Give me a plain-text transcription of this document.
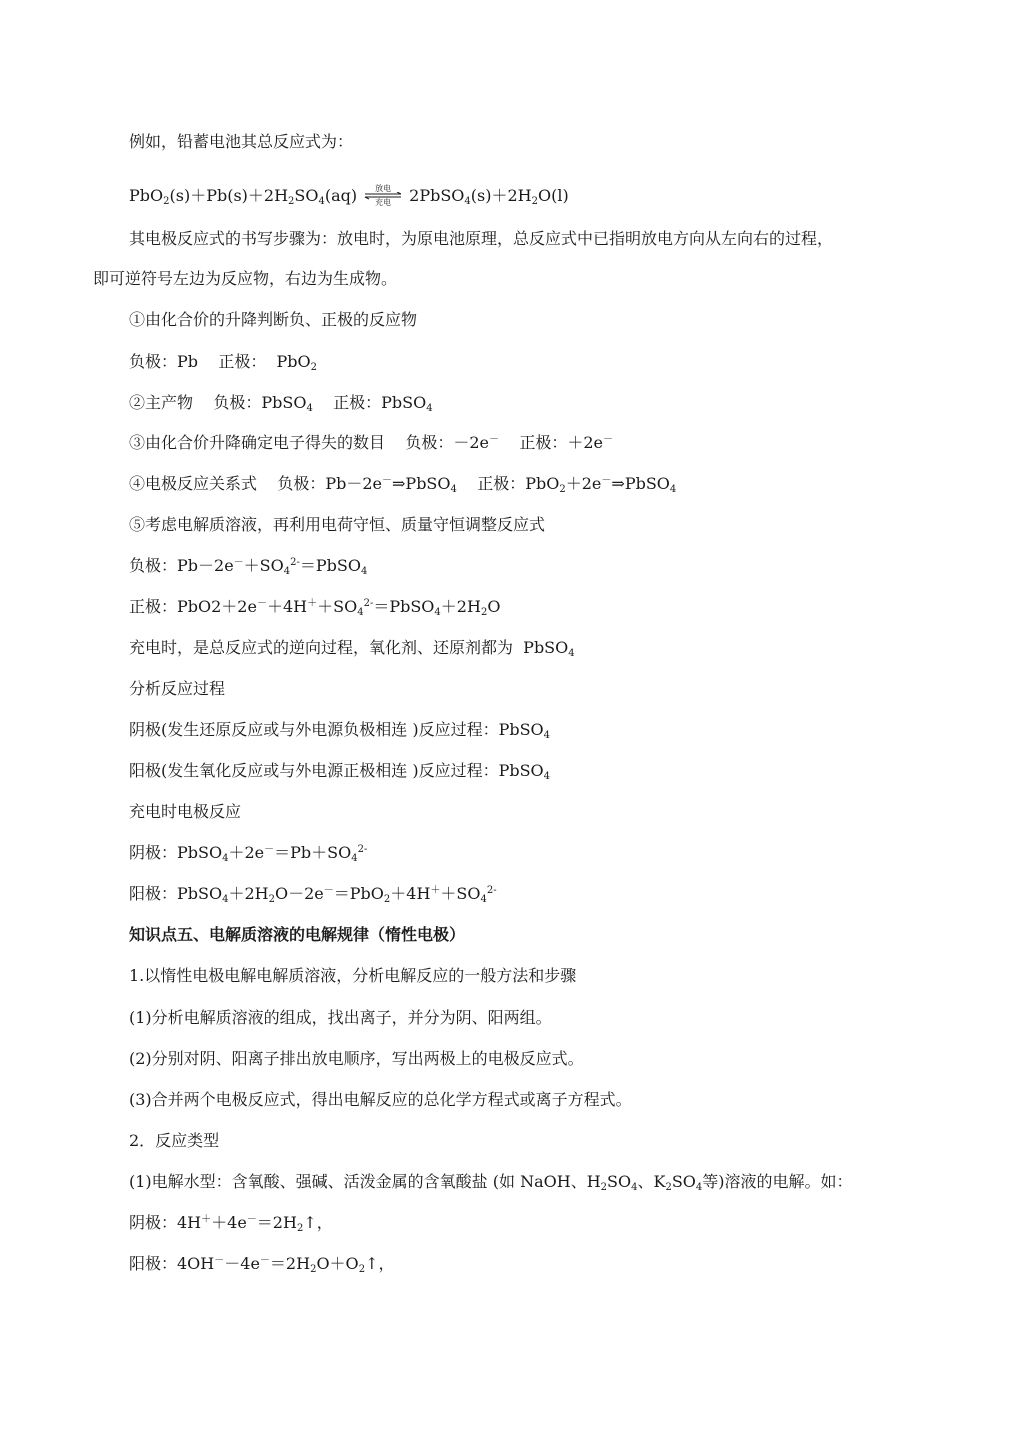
例如，铅蓄电池其总反应式为：
$PbO_2(s)+Pb(s)+2H_2SO_4(aq)$	放电
充电	$2PbSO_4(s)+2H_2O(l)$
其电极反应式的书写步骤为：放电时，为原电池原理，总反应式中已指明放电方向从左向右的过程，
即可逆符号左边为反应物，右边为生成物。
①由化合价的升降判断负、正极的反应物
负极：Pb    正极：  PbO$_2$
②主产物    负极：PbSO$_4$    正极：PbSO$_4$
③由化合价升降确定电子得失的数目    负极：－2e－    正极：＋2e－
④电极反应关系式    负极：Pb－2e－⇒PbSO$_4$    正极：PbO$_2$＋2e－⇒PbSO$_4$
⑤考虑电解质溶液，再利用电荷守恒、质量守恒调整反应式
负极：$Pb-2e^-+SO_4^{2-}=PbSO_4$
正极：$PbO2+2e^-+4H^++SO_4^{2-}=PbSO_4+2H_2O$
充电时，是总反应式的逆向过程，氧化剂、还原剂都为  PbSO$_4$
分析反应过程
阴极(发生还原反应或与外电源负极相连 )反应过程：PbSO$_4$
阳极(发生氧化反应或与外电源正极相连 )反应过程：PbSO$_4$
充电时电极反应
阴极：$PbSO_4+2e^-=Pb+SO_4^{2-}$
阳极：$PbSO_4+2H_2O-2e^-=PbO_2+4H^++SO_4^{2-}$
知识点五、电解质溶液的电解规律（惰性电极）
1.以惰性电极电解电解质溶液，分析电解反应的一般方法和步骤
(1)分析电解质溶液的组成，找出离子，并分为阴、阳两组。
(2)分别对阴、阳离子排出放电顺序，写出两极上的电极反应式。
(3)合并两个电极反应式，得出电解反应的总化学方程式或离子方程式。
2．反应类型
(1)电解水型：含氧酸、强碱、活泼金属的含氧酸盐 (如 NaOH、$H_2SO_4$、$K_2SO_4$等)溶液的电解。如：
阴极：$4H^++4e^-=2H_2↑$，
阳极：$4OH^--4e^-=2H_2O+O_2↑$，
